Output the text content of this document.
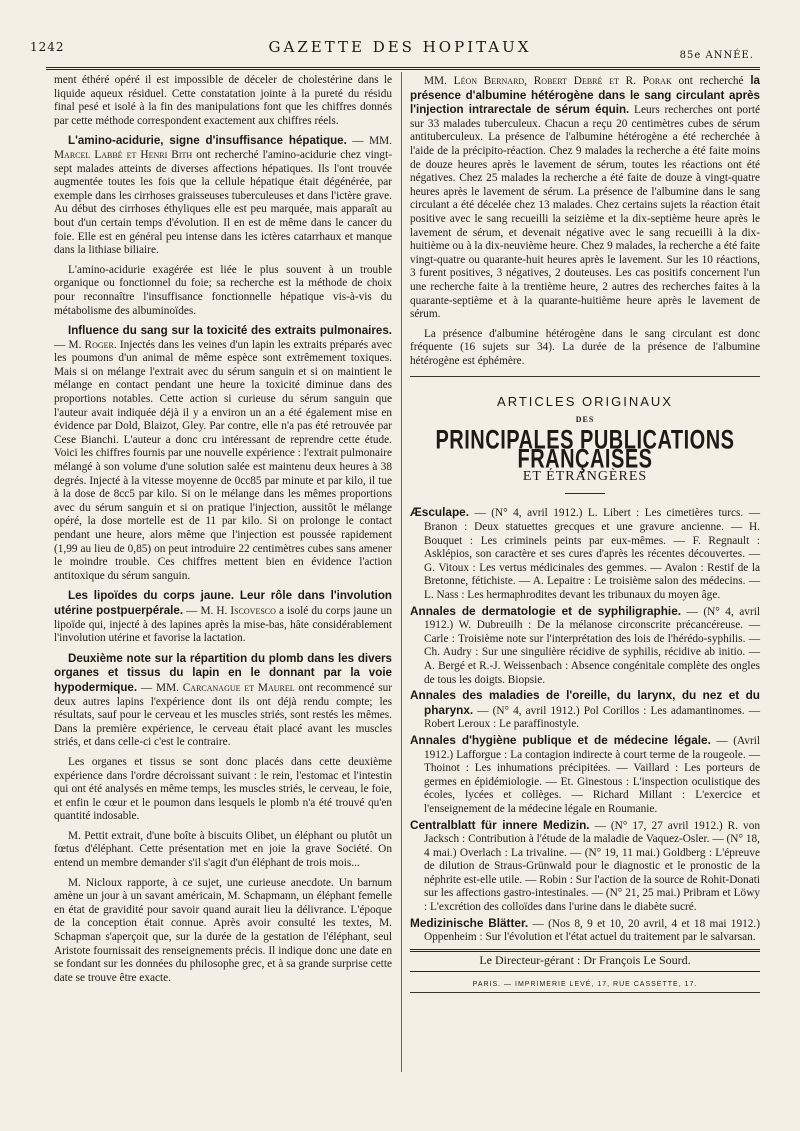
1242	GAZETTE DES HOPITAUX	85e ANNÉE.

ment éthéré opéré il est impossible de déceler de cholestérine dans le liquide aqueux résiduel. Cette constatation jointe à la pureté du résidu final pesé et isolé à la fin des manipulations font que les chiffres donnés par cette méthode correspondent exactement aux chiffres réels.

L'amino-acidurie, signe d'insuffisance hépatique. — MM. Marcel Labbé et Henri Bith ont recherché l'amino-acidurie chez vingt-sept malades atteints de diverses affections hépatiques. Ils l'ont trouvée augmentée toutes les fois que la cellule hépatique était dégénérée, par exemple dans les cirrhoses graisseuses tuberculeuses et dans l'ictère grave. Au début des cirrhoses éthyliques elle est peu marquée, mais apparaît au bout d'un certain temps d'évolution. Il en est de même dans le cancer du foie. Elle est en général peu intense dans les ictères catarrhaux et manque dans la lithiase biliaire.

L'amino-acidurie exagérée est liée le plus souvent à un trouble organique ou fonctionnel du foie; sa recherche est la méthode de choix pour reconnaître l'insuffisance fonctionnelle hépatique vis-à-vis du métabolisme des albuminoïdes.

Influence du sang sur la toxicité des extraits pulmonaires. — M. Roger. Injectés dans les veines d'un lapin les extraits préparés avec les poumons d'un animal de même espèce sont extrêmement toxiques. Mais si on mélange l'extrait avec du sérum sanguin et si on maintient le mélange en contact pendant une heure la toxicité diminue dans des proportions notables. Cette action si curieuse du sérum sanguin que l'auteur avait indiquée déjà il y a environ un an a été également mise en évidence par Dold, Blaizot, Gley. Par contre, elle n'a pas été retrouvée par Cese Bianchi. L'auteur a donc cru intéressant de reprendre cette étude. Voici les chiffres fournis par une nouvelle expérience : l'extrait pulmonaire mélangé à son volume d'une solution salée est maintenu deux heures à 38 degrés. Injecté à la vitesse moyenne de 0cc85 par minute et par kilo, il tue à la dose de 8cc5 par kilo. Si on le mélange dans les mêmes proportions avec du sérum sanguin et si on pratique l'injection, aussitôt le mélange opéré, la dose mortelle est de 11 par kilo. Si on prolonge le contact pendant une heure, alors même que l'injection est poussée rapidement (1,99 au lieu de 0,85) on peut introduire 22 centimètres cubes sans amener le moindre trouble. Ces chiffres mettent bien en évidence l'action antitoxique du sérum sanguin.

Les lipoïdes du corps jaune. Leur rôle dans l'involution utérine postpuerpérale. — M. H. Iscovesco a isolé du corps jaune un lipoïde qui, injecté à des lapines après la mise-bas, hâte considérablement l'involution utérine et favorise la lactation.

Deuxième note sur la répartition du plomb dans les divers organes et tissus du lapin en le donnant par la voie hypodermique. — MM. Carcanague et Maurel ont recommencé sur deux autres lapins l'expérience dont ils ont déjà rendu compte; les résultats, sauf pour le cerveau et les muscles striés, sont restés les mêmes. Dans la première expérience, le cerveau était placé avant les muscles striés, et dans celle-ci c'est le contraire.

Les organes et tissus se sont donc placés dans cette deuxième expérience dans l'ordre décroissant suivant : le rein, l'estomac et l'intestin qui ont été analysés en même temps, les muscles striés, le cerveau, le foie, et enfin le cœur et le poumon dans lesquels le plomb n'a été trouvé qu'en quantité indosable.

M. Pettit extrait, d'une boîte à biscuits Olibet, un éléphant ou plutôt un fœtus d'éléphant. Cette présentation met en joie la grave Société. On entend un membre demander s'il s'agit d'un éléphant de trois mois...

M. Nicloux rapporte, à ce sujet, une curieuse anecdote. Un barnum amène un jour à un savant américain, M. Schapmann, un éléphant femelle en état de gravidité pour savoir quand aurait lieu la délivrance. L'époque de la conception était connue. Après avoir consulté les textes, M. Schapman s'aperçoit que, sur la durée de la gestation de l'éléphant, seul Aristote fournissait des renseignements précis. Il indique donc une date en se fondant sur les données du philosophe grec, et à sa grande surprise cette date se trouve être exacte.

MM. Léon Bernard, Robert Debré et R. Porak ont recherché la présence d'albumine hétérogène dans le sang circulant après l'injection intrarectale de sérum équin. Leurs recherches ont porté sur 33 malades tuberculeux. Chacun a reçu 20 centimètres cubes de sérum antituberculeux. La présence de l'albumine hétérogène a été recherchée à l'aide de la précipito-réaction. Chez 9 malades la recherche a été faite moins de douze heures après le lavement de sérum, toutes les réactions ont été négatives. Chez 25 malades la recherche a été faite de douze à vingt-quatre heures après le lavement de sérum. La présence de l'albumine dans le sang circulant a été décelée chez 13 malades. Chez certains sujets la réaction était positive avec le sang recueilli la seizième et la dix-septième heure après le lavement de sérum, et devenait négative avec le sang recueilli à la dix-huitième ou à la dix-neuvième heure. Chez 9 malades, la recherche a été faite vingt-quatre ou quarante-huit heures après le lavement. Sur les 10 réactions, 3 furent positives, 3 négatives, 2 douteuses. Les cas positifs concernent l'un une recherche faite à la trentième heure, 2 autres des recherches faites à la quarante-septième et à la quarante-huitième heure après le lavement de sérum.

La présence d'albumine hétérogène dans le sang circulant est donc fréquente (16 sujets sur 34). La durée de la présence de l'albumine hétérogène est éphémère.

ARTICLES ORIGINAUX
DES
PRINCIPALES PUBLICATIONS FRANÇAISES
ET ÉTRANGÈRES

Æsculape. — (N° 4, avril 1912.) L. Libert : Les cimetières turcs. — Branon : Deux statuettes grecques et une gravure ancienne. — H. Bouquet : Les criminels peints par eux-mêmes. — F. Regnault : Asklépios, son caractère et ses cures d'après les récentes découvertes. — G. Vitoux : Les vertus médicinales des gemmes. — Avalon : Restif de la Bretonne, fétichiste. — A. Lepaitre : Le troisième salon des médecins. — L. Nass : Les hermaphrodites devant les tribunaux du moyen âge.

Annales de dermatologie et de syphiligraphie. — (N° 4, avril 1912.) W. Dubreuilh : De la mélanose circonscrite précancéreuse. — Carle : Troisième note sur l'interprétation des lois de l'hérédo-syphilis. — Ch. Audry : Sur une singulière récidive de syphilis, récidive ab initio. — A. Bergé et R.-J. Weissenbach : Absence congénitale complète des ongles de tous les doigts. Biopsie.

Annales des maladies de l'oreille, du larynx, du nez et du pharynx. — (N° 4, avril 1912.) Pol Corillos : Les adamantinomes. — Robert Leroux : Le paraffinostyle.

Annales d'hygiène publique et de médecine légale. — (Avril 1912.) Lafforgue : La contagion indirecte à court terme de la rougeole. — Thoinot : Les inhumations précipitées. — Vaillard : Les porteurs de germes en épidémiologie. — Et. Ginestous : L'inspection oculistique des écoles, lycées et collèges. — Richard Millant : L'exercice et l'enseignement de la médecine légale en Roumanie.

Centralblatt für innere Medizin. — (N° 17, 27 avril 1912.) R. von Jacksch : Contribution à l'étude de la maladie de Vaquez-Osler. — (N° 18, 4 mai.) Overlach : La trivaline. — (N° 19, 11 mai.) Goldberg : L'épreuve de dilution de Straus-Grünwald pour le diagnostic et le pronostic de la néphrite est-elle utile. — Robin : Sur l'action de la source de Rohit-Donati sur les affections gastro-intestinales. — (N° 21, 25 mai.) Pribram et Löwy : L'excrétion des colloïdes dans l'urine dans le diabète sucré.

Medizinische Blätter. — (Nos 8, 9 et 10, 20 avril, 4 et 18 mai 1912.) Oppenheim : Sur l'évolution et l'état actuel du traitement par le salvarsan.

Le Directeur-gérant : Dr François Le Sourd.
PARIS. — IMPRIMERIE LEVÉ, 17, RUE CASSETTE, 17.
